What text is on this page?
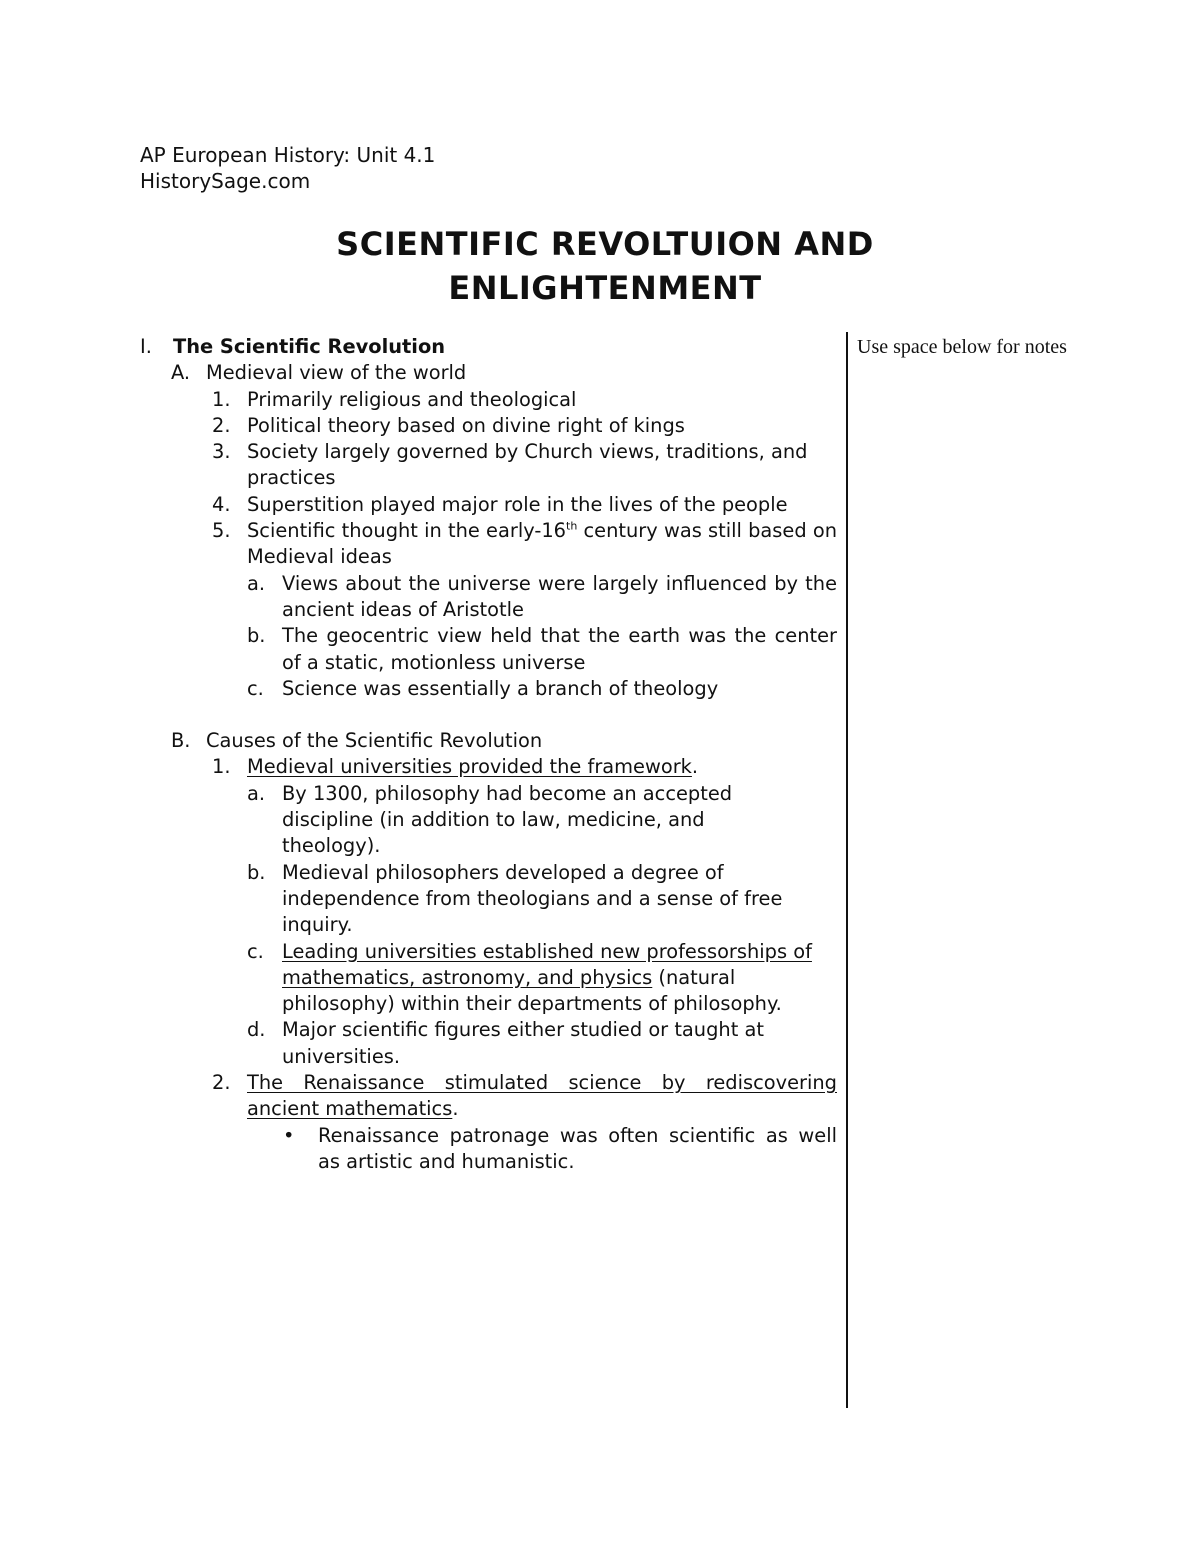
AP European History: Unit 4.1
HistorySage.com
SCIENTIFIC REVOLTUION AND
ENLIGHTENMENT
Use space below for notes
I. The Scientific Revolution
A. Medieval view of the world
1. Primarily religious and theological
2. Political theory based on divine right of kings
3. Society largely governed by Church views, traditions, and practices
4. Superstition played major role in the lives of the people
5. Scientific thought in the early-16th century was still based on Medieval ideas
a. Views about the universe were largely influenced by the ancient ideas of Aristotle
b. The geocentric view held that the earth was the center of a static, motionless universe
c. Science was essentially a branch of theology
B. Causes of the Scientific Revolution
1. Medieval universities provided the framework.
a. By 1300, philosophy had become an accepted discipline (in addition to law, medicine, and theology).
b. Medieval philosophers developed a degree of independence from theologians and a sense of free inquiry.
c. Leading universities established new professorships of mathematics, astronomy, and physics (natural philosophy) within their departments of philosophy.
d. Major scientific figures either studied or taught at universities.
2. The Renaissance stimulated science by rediscovering ancient mathematics.
• Renaissance patronage was often scientific as well as artistic and humanistic.
